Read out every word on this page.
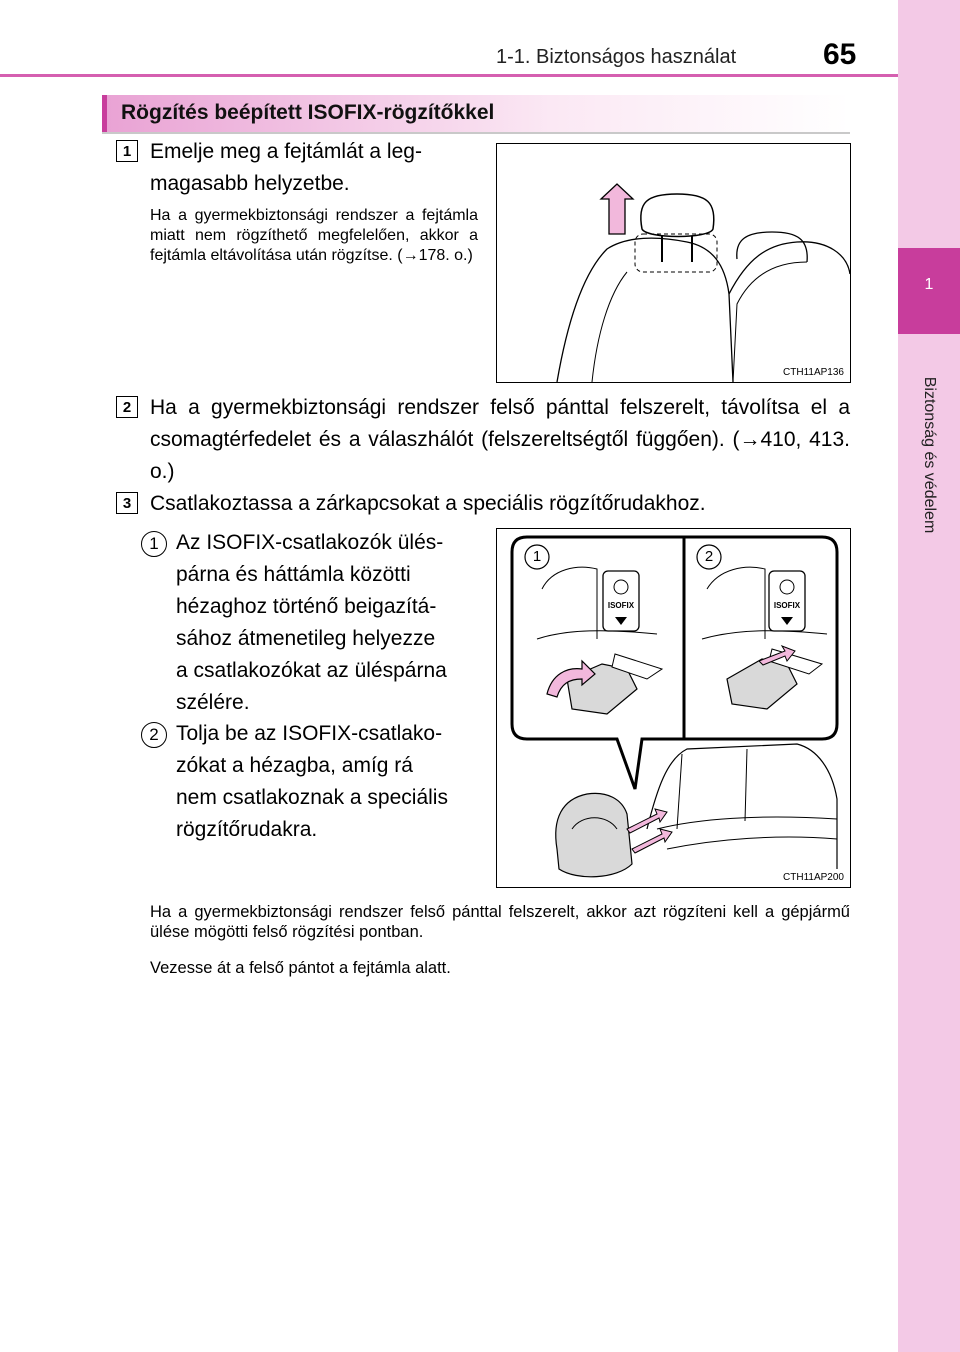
1
Biztonság és védelem
1-1. Biztonságos használat	65
Rögzítés beépített ISOFIX-rögzítőkkel
1 Emelje meg a fejtámlát a leg-
magasabb helyzetbe.
Ha a gyermekbiztonsági rendszer a fejtámla miatt nem rögzíthető megfelelően, akkor a fejtámla eltávolítása után rögzítse. (→178. o.)
CTH11AP136
2 Ha a gyermekbiztonsági rendszer felső pánttal felszerelt, távolítsa el a csomagtérfedelet és a válaszhálót (felszereltségtől függően). (→410, 413. o.)
3 Csatlakoztassa a zárkapcsokat a speciális rögzítőrudakhoz.
1 Az ISOFIX-csatlakozók ülés-
párna és háttámla közötti
hézaghoz történő beigazítá-
sához átmenetileg helyezze
a csatlakozókat az üléspárna
szélére.
2 Tolja be az ISOFIX-csatlako-
zókat a hézagba, amíg rá
nem csatlakoznak a speciális
rögzítőrudakra.
1	2
ISOFIX	ISOFIX
CTH11AP200
Ha a gyermekbiztonsági rendszer felső pánttal felszerelt, akkor azt rögzíteni kell a gépjármű ülése mögötti felső rögzítési pontban.
Vezesse át a felső pántot a fejtámla alatt.
